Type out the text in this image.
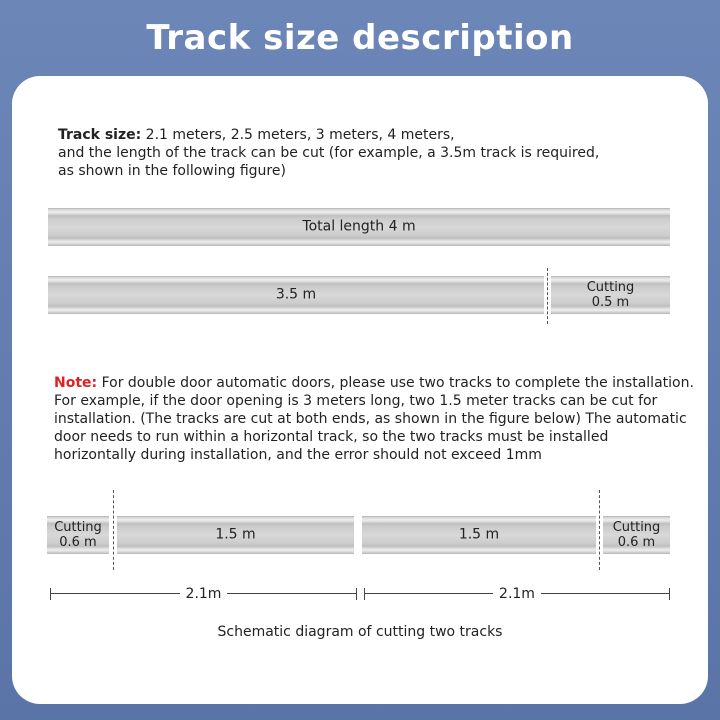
Track size description
Track size: 2.1 meters, 2.5 meters, 3 meters, 4 meters,
and the length of the track can be cut (for example, a 3.5m track is required,
as shown in the following figure)
Total length 4 m
3.5 m	Cutting
0.5 m
Note: For double door automatic doors, please use two tracks to complete the installation. For example, if the door opening is 3 meters long, two 1.5 meter tracks can be cut for installation. (The tracks are cut at both ends, as shown in the figure below) The automatic door needs to run within a horizontal track, so the two tracks must be installed horizontally during installation, and the error should not exceed 1mm
Cutting
0.6 m	1.5 m	1.5 m	Cutting
0.6 m
2.1m	2.1m
Schematic diagram of cutting two tracks
